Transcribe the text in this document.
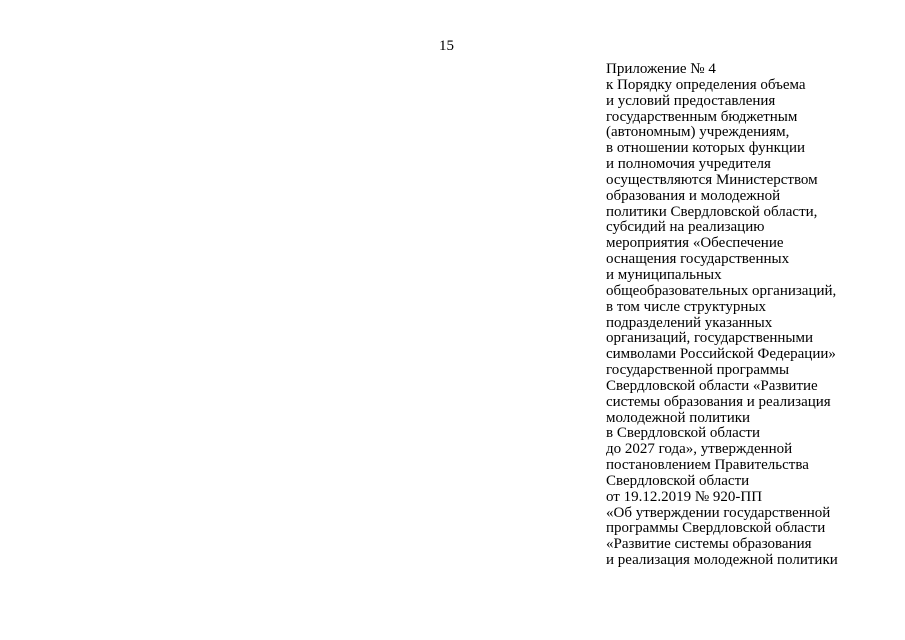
15
Приложение № 4
к Порядку определения объема
и условий предоставления
государственным бюджетным
(автономным) учреждениям,
в отношении которых функции
и полномочия учредителя
осуществляются Министерством
образования и молодежной
политики Свердловской области,
субсидий на реализацию
мероприятия «Обеспечение
оснащения государственных
и муниципальных
общеобразовательных организаций,
в том числе структурных
подразделений указанных
организаций, государственными
символами Российской Федерации»
государственной программы
Свердловской области «Развитие
системы образования и реализация
молодежной политики
в Свердловской области
до 2027 года», утвержденной
постановлением Правительства
Свердловской области
от 19.12.2019 № 920-ПП
«Об утверждении государственной
программы Свердловской области
«Развитие системы образования
и реализация молодежной политики
